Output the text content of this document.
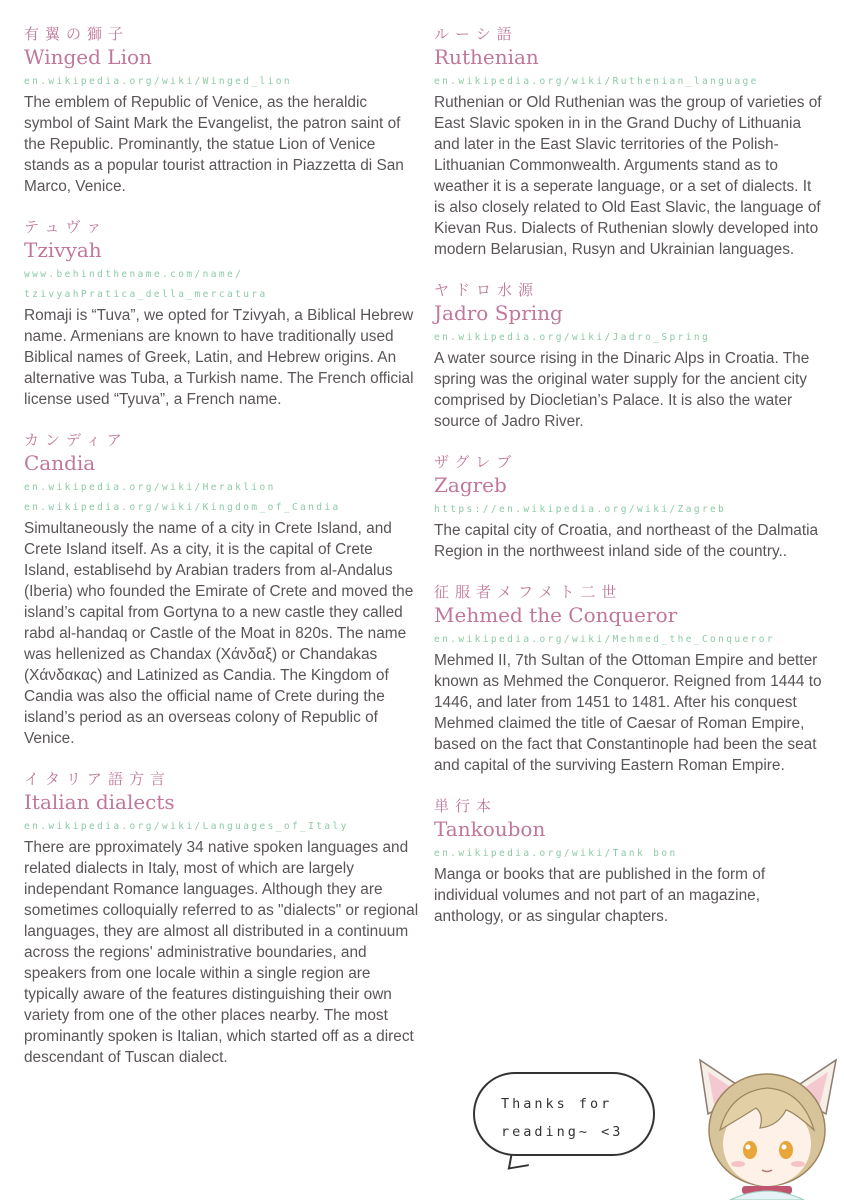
有翼の獅子
Winged Lion
en.wikipedia.org/wiki/Winged_lion
The emblem of Republic of Venice, as the heraldic symbol of Saint Mark the Evangelist, the patron saint of the Republic. Prominantly, the statue Lion of Venice stands as a popular tourist attraction in Piazzetta di San Marco, Venice.
テュヴァ
Tzivyah
www.behindthename.com/name/
tzivyahPratica_della_mercatura
Romaji is “Tuva”, we opted for Tzivyah, a Biblical Hebrew name. Armenians are known to have traditionally used Biblical names of Greek, Latin, and Hebrew origins. An alternative was Tuba, a Turkish name. The French official license used “Tyuva”, a French name.
カンディア
Candia
en.wikipedia.org/wiki/Heraklion
en.wikipedia.org/wiki/Kingdom_of_Candia
Simultaneously the name of a city in Crete Island, and Crete Island itself. As a city, it is the capital of Crete Island, establisehd by Arabian traders from al-Andalus (Iberia) who founded the Emirate of Crete and moved the island’s capital from Gortyna to a new castle they called rabd al-handaq or Castle of the Moat in 820s. The name was hellenized as Chandax (Χάνδαξ) or Chandakas (Χάνδακας) and Latinized as Candia. The Kingdom of Candia was also the official name of Crete during the island’s period as an overseas colony of Republic of Venice.
イタリア語方言
Italian dialects
en.wikipedia.org/wiki/Languages_of_Italy
There are pproximately 34 native spoken languages and related dialects in Italy, most of which are largely independant Romance languages. Although they are sometimes colloquially referred to as "dialects" or regional languages, they are almost all distributed in a continuum across the regions' administrative boundaries, and speakers from one locale within a single region are typically aware of the features distinguishing their own variety from one of the other places nearby. The most prominantly spoken is Italian, which started off as a direct descendant of Tuscan dialect.
ルーシ語
Ruthenian
en.wikipedia.org/wiki/Ruthenian_language
Ruthenian or Old Ruthenian was the group of varieties of East Slavic spoken in in the Grand Duchy of Lithuania and later in the East Slavic territories of the Polish-Lithuanian Commonwealth. Arguments stand as to weather it is a seperate language, or a set of dialects. It is also closely related to Old East Slavic, the language of Kievan Rus. Dialects of Ruthenian slowly developed into modern Belarusian, Rusyn and Ukrainian languages.
ヤドロ水源
Jadro Spring
en.wikipedia.org/wiki/Jadro_Spring
A water source rising in the Dinaric Alps in Croatia. The spring was the original water supply for the ancient city comprised by Diocletian’s Palace. It is also the water source of Jadro River.
ザグレブ
Zagreb
https://en.wikipedia.org/wiki/Zagreb
The capital city of Croatia, and northeast of the Dalmatia Region in the northweest inland side of the country..
征服者メフメト二世
Mehmed the Conqueror
en.wikipedia.org/wiki/Mehmed_the_Conqueror
Mehmed II, 7th Sultan of the Ottoman Empire and better known as Mehmed the Conqueror. Reigned from 1444 to 1446, and later from 1451 to 1481. After his conquest Mehmed claimed the title of Caesar of Roman Empire, based on the fact that Constantinople had been the seat and capital of the surviving Eastern Roman Empire.
単行本
Tankoubon
en.wikipedia.org/wiki/Tank bon
Manga or books that are published in the form of individual volumes and not part of an magazine, anthology, or as singular chapters.
Thanks for
reading~ <3
